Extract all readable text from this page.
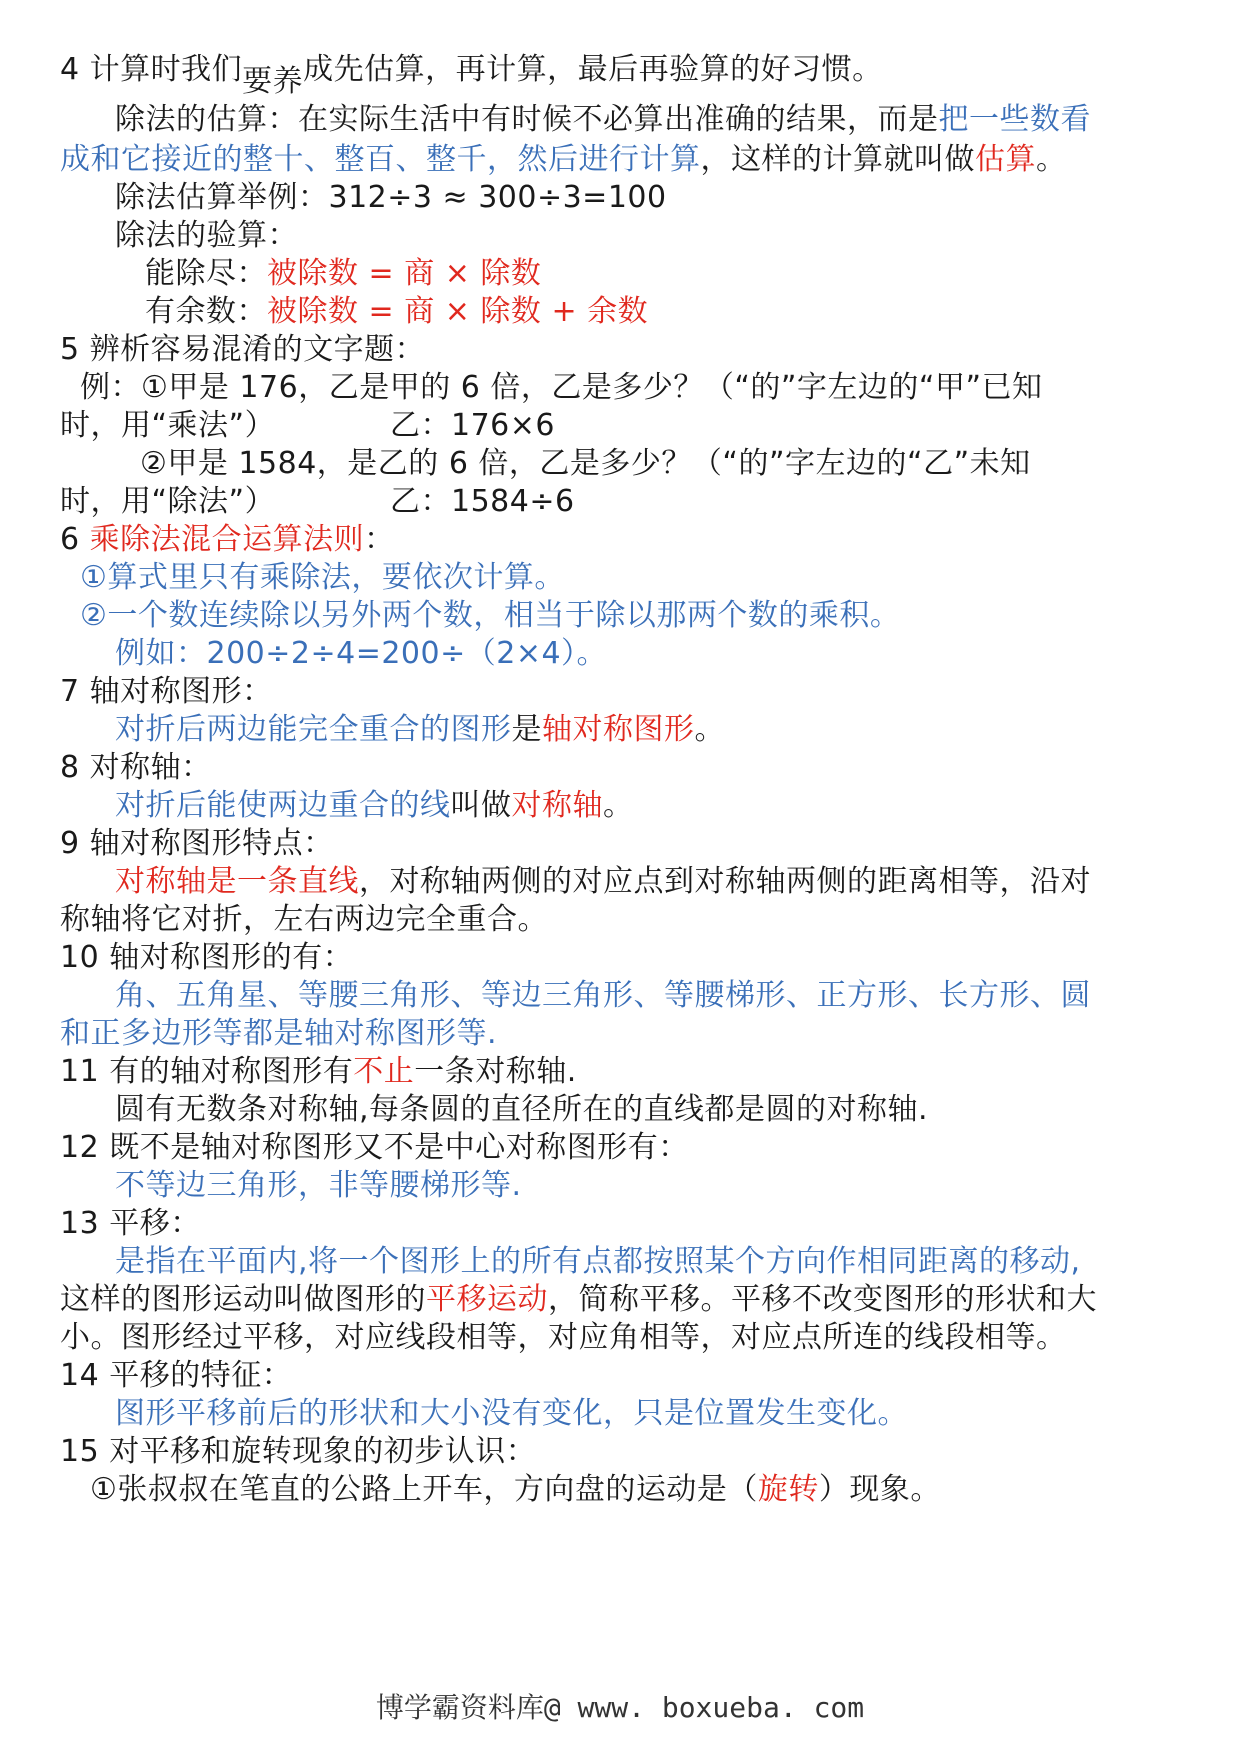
4 计算时我们要养成先估算，再计算，最后再验算的好习惯。
除法的估算：在实际生活中有时候不必算出准确的结果，而是把一些数看
成和它接近的整十、整百、整千，然后进行计算，这样的计算就叫做估算。
除法估算举例：312÷3 ≈ 300÷3=100
除法的验算：
能除尽：被除数 = 商 × 除数
有余数：被除数 = 商 × 除数 + 余数
5 辨析容易混淆的文字题：
例：①甲是 176，乙是甲的 6 倍，乙是多少？（“的”字左边的“甲”已知
时，用“乘法”）	乙：176×6
②甲是 1584，是乙的 6 倍，乙是多少？（“的”字左边的“乙”未知
时，用“除法”）	乙：1584÷6
6 乘除法混合运算法则：
①算式里只有乘除法，要依次计算。
②一个数连续除以另外两个数，相当于除以那两个数的乘积。
例如：200÷2÷4=200÷（2×4）。
7 轴对称图形：
对折后两边能完全重合的图形是轴对称图形。
8 对称轴：
对折后能使两边重合的线叫做对称轴。
9 轴对称图形特点：
对称轴是一条直线，对称轴两侧的对应点到对称轴两侧的距离相等，沿对
称轴将它对折，左右两边完全重合。
10 轴对称图形的有：
角、五角星、等腰三角形、等边三角形、等腰梯形、正方形、长方形、圆
和正多边形等都是轴对称图形等.
11 有的轴对称图形有不止一条对称轴.
圆有无数条对称轴,每条圆的直径所在的直线都是圆的对称轴.
12 既不是轴对称图形又不是中心对称图形有：
不等边三角形，非等腰梯形等.
13 平移：
是指在平面内,将一个图形上的所有点都按照某个方向作相同距离的移动,
这样的图形运动叫做图形的平移运动，简称平移。平移不改变图形的形状和大
小。图形经过平移，对应线段相等，对应角相等，对应点所连的线段相等。
14 平移的特征：
图形平移前后的形状和大小没有变化，只是位置发生变化。
15 对平移和旋转现象的初步认识：
①张叔叔在笔直的公路上开车，方向盘的运动是（旋转）现象。
博学霸资料库@ www. boxueba. com
